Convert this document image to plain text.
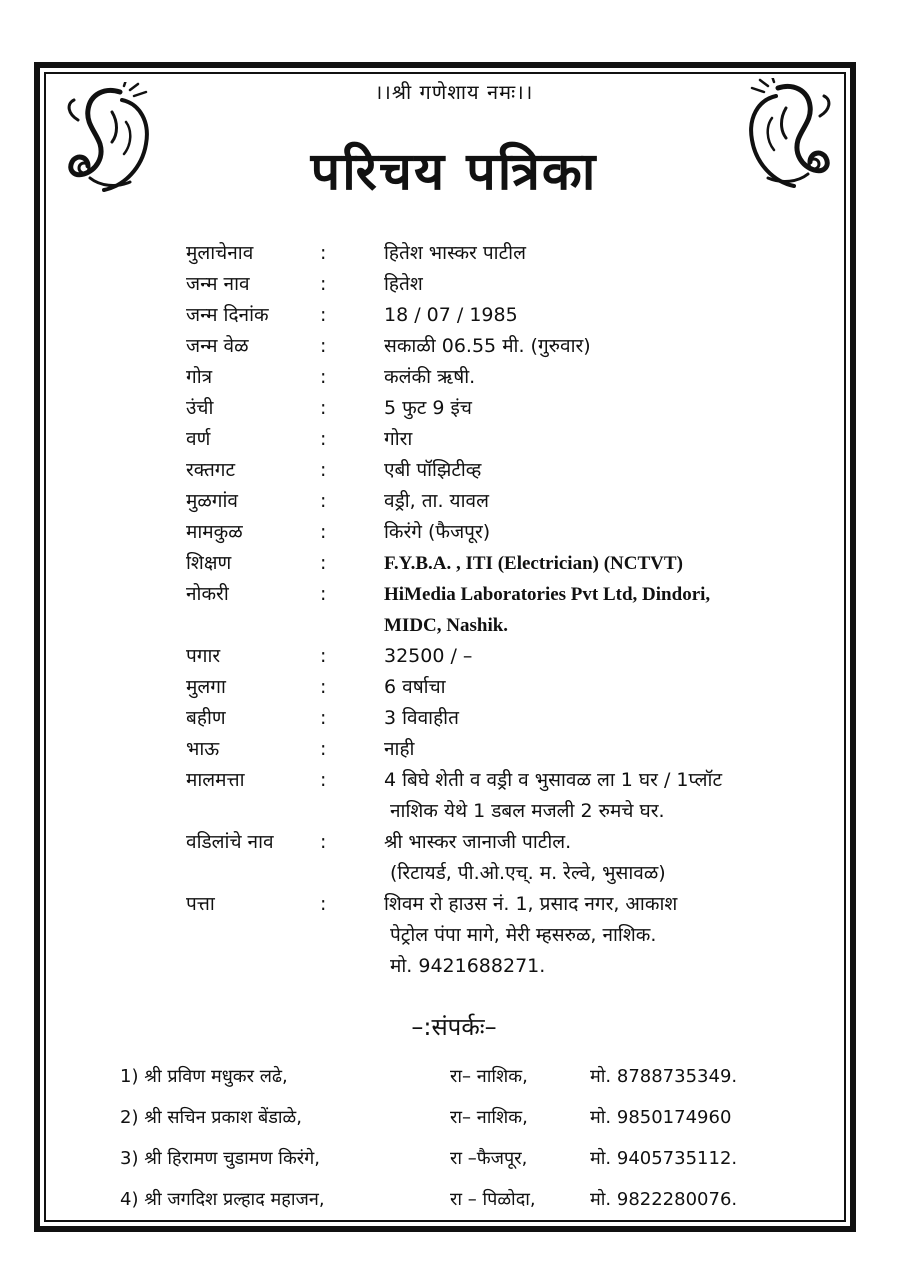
।।श्री गणेशाय नमः।।
परिचय पत्रिका
मुलाचेनाव	:	हितेश भास्कर पाटील
जन्म नाव	:	हितेश
जन्म दिनांक	:	18 / 07 / 1985
जन्म वेळ	:	सकाळी 06.55 मी. (गुरुवार)
गोत्र	:	कलंकी ऋषी.
उंची	:	5 फुट 9 इंच
वर्ण	:	गोरा
रक्तगट	:	एबी पॉझिटीव्ह
मुळगांव	:	वड्री, ता. यावल
मामकुळ	:	किरंगे (फैजपूर)
शिक्षण	:	F.Y.B.A. , ITI (Electrician) (NCTVT)
नोकरी	:	HiMedia Laboratories Pvt Ltd, Dindori,
MIDC, Nashik.
पगार	:	32500 / –
मुलगा	:	6 वर्षाचा
बहीण	:	3 विवाहीत
भाऊ	:	नाही
मालमत्ता	:	4 बिघे शेती व वड्री व भुसावळ ला 1 घर / 1प्लॉट
नाशिक येथे 1 डबल मजली 2 रुमचे घर.
वडिलांचे नाव	:	श्री भास्कर जानाजी पाटील.
(रिटायर्ड, पी.ओ.एच्. म. रेल्वे, भुसावळ)
पत्ता	:	शिवम रो हाउस नं. 1, प्रसाद नगर, आकाश
पेट्रोल पंपा मागे, मेरी म्हसरुळ, नाशिक.
मो. 9421688271.
–:संपर्कः–
1) श्री प्रविण मधुकर लढे,	रा– नाशिक,	मो. 8788735349.
2) श्री सचिन प्रकाश बेंडाळे,	रा– नाशिक,	मो. 9850174960
3) श्री हिरामण चुडामण किरंगे,	रा –फैजपूर,	मो. 9405735112.
4) श्री जगदिश प्रल्हाद महाजन,	रा – पिळोदा,	मो. 9822280076.
